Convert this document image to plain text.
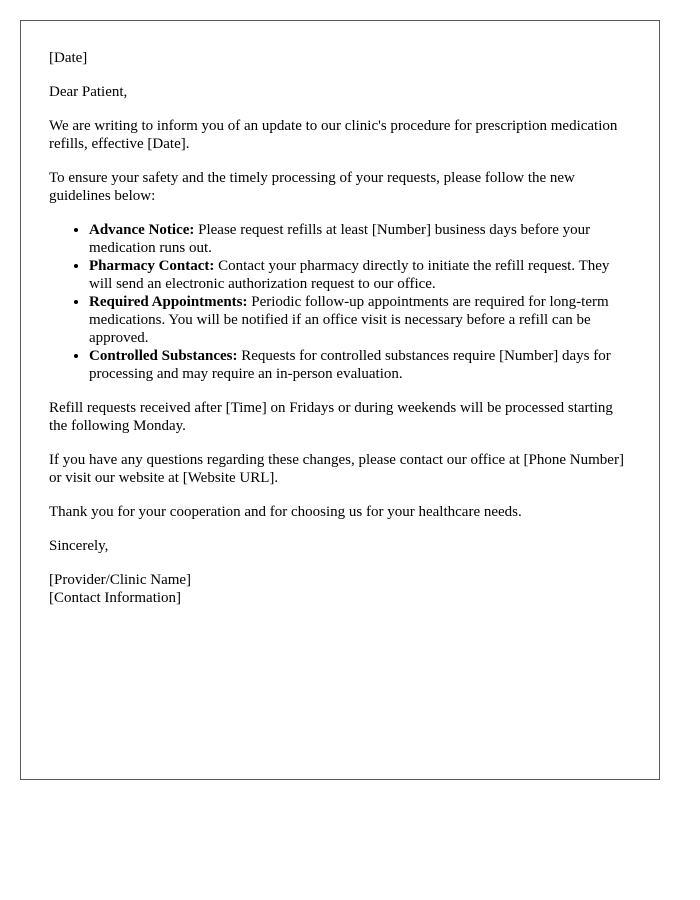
[Date]

Dear Patient,

We are writing to inform you of an update to our clinic's procedure for prescription medication refills, effective [Date].

To ensure your safety and the timely processing of your requests, please follow the new guidelines below:

• Advance Notice: Please request refills at least [Number] business days before your medication runs out.
• Pharmacy Contact: Contact your pharmacy directly to initiate the refill request. They will send an electronic authorization request to our office.
• Required Appointments: Periodic follow-up appointments are required for long-term medications. You will be notified if an office visit is necessary before a refill can be approved.
• Controlled Substances: Requests for controlled substances require [Number] days for processing and may require an in-person evaluation.

Refill requests received after [Time] on Fridays or during weekends will be processed starting the following Monday.

If you have any questions regarding these changes, please contact our office at [Phone Number] or visit our website at [Website URL].

Thank you for your cooperation and for choosing us for your healthcare needs.

Sincerely,

[Provider/Clinic Name]
[Contact Information]
